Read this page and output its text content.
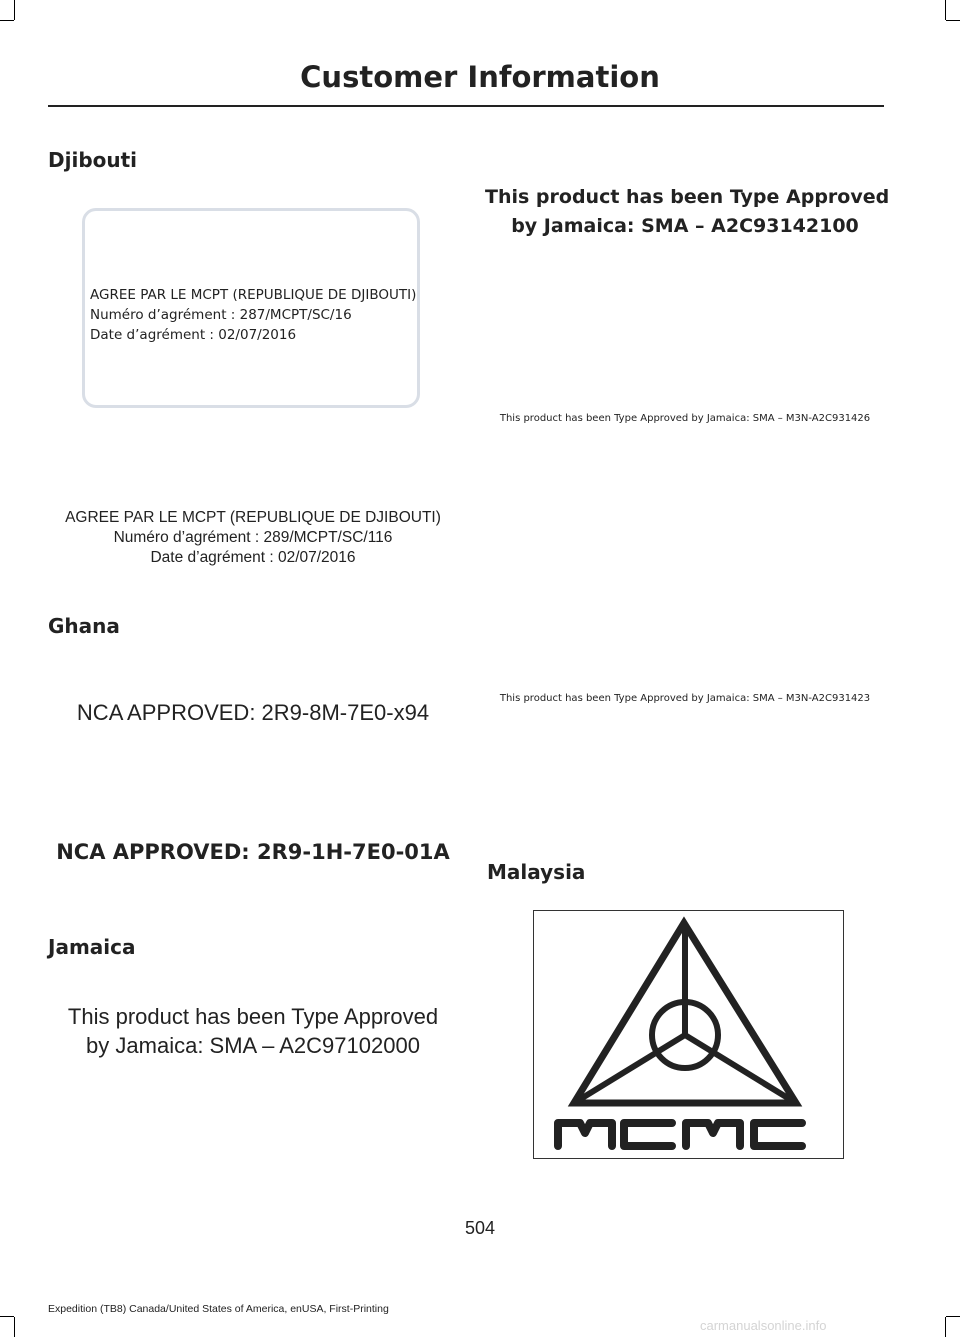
Customer Information
Djibouti
AGREE PAR LE MCPT (REPUBLIQUE DE DJIBOUTI)
Numéro d’agrément : 287/MCPT/SC/16
Date d’agrément : 02/07/2016
AGREE PAR LE MCPT (REPUBLIQUE DE DJIBOUTI)
Numéro d’agrément : 289/MCPT/SC/116
Date d’agrément : 02/07/2016
Ghana
NCA APPROVED: 2R9-8M-7E0-x94
NCA APPROVED: 2R9-1H-7E0-01A
Jamaica
This product has been Type Approved
by Jamaica: SMA – A2C97102000
This product has been Type Approved
by Jamaica: SMA – A2C93142100
This product has been Type Approved by Jamaica: SMA – M3N-A2C931426
This product has been Type Approved by Jamaica: SMA – M3N-A2C931423
Malaysia
504
Expedition (TB8) Canada/United States of America, enUSA, First-Printing
carmanualsonline.info
